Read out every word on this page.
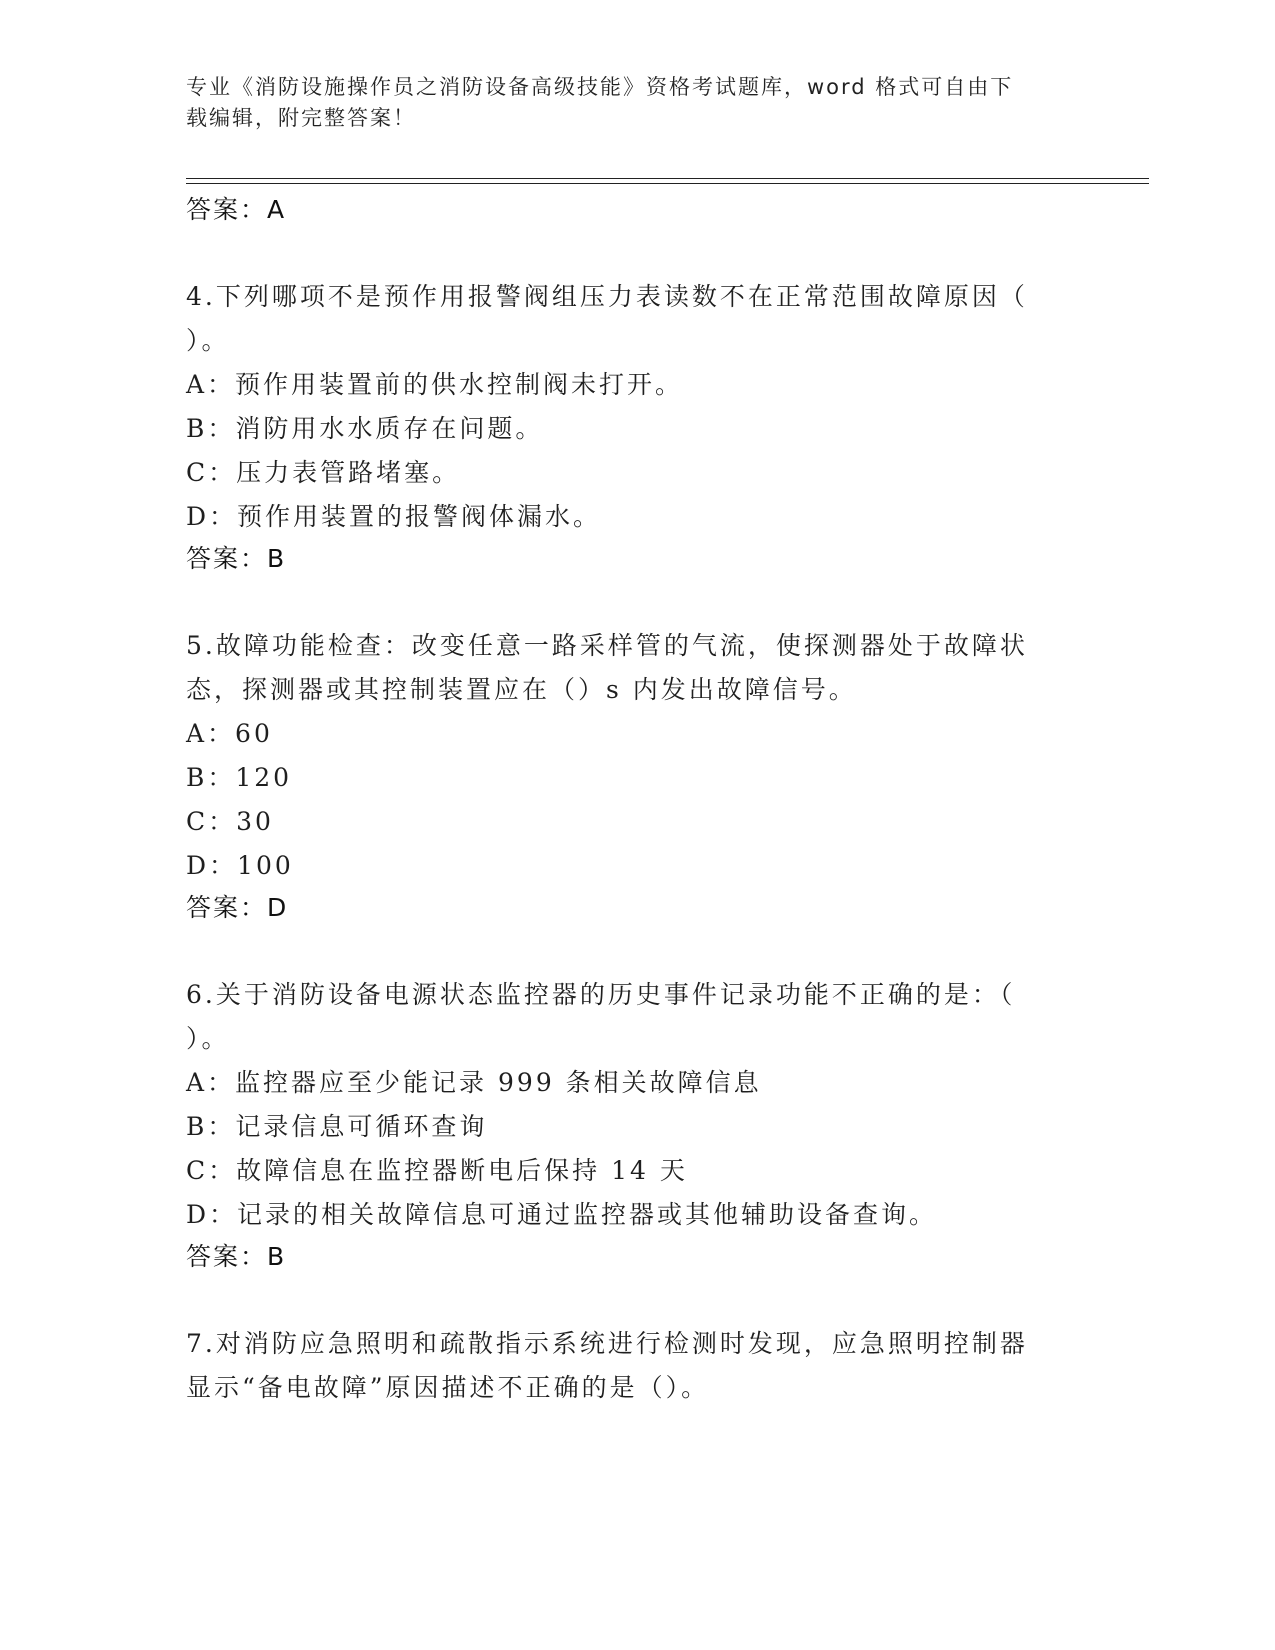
专业《消防设施操作员之消防设备高级技能》资格考试题库，word 格式可自由下
载编辑，附完整答案！
答案：A
4.下列哪项不是预作用报警阀组压力表读数不在正常范围故障原因（
）。
A：预作用装置前的供水控制阀未打开。
B：消防用水水质存在问题。
C：压力表管路堵塞。
D：预作用装置的报警阀体漏水。
答案：B
5.故障功能检查：改变任意一路采样管的气流，使探测器处于故障状
态，探测器或其控制装置应在（）s 内发出故障信号。
A：60
B：120
C：30
D：100
答案：D
6.关于消防设备电源状态监控器的历史事件记录功能不正确的是：（
）。
A：监控器应至少能记录 999 条相关故障信息
B：记录信息可循环查询
C：故障信息在监控器断电后保持 14 天
D：记录的相关故障信息可通过监控器或其他辅助设备查询。
答案：B
7.对消防应急照明和疏散指示系统进行检测时发现，应急照明控制器
显示“备电故障”原因描述不正确的是（）。
